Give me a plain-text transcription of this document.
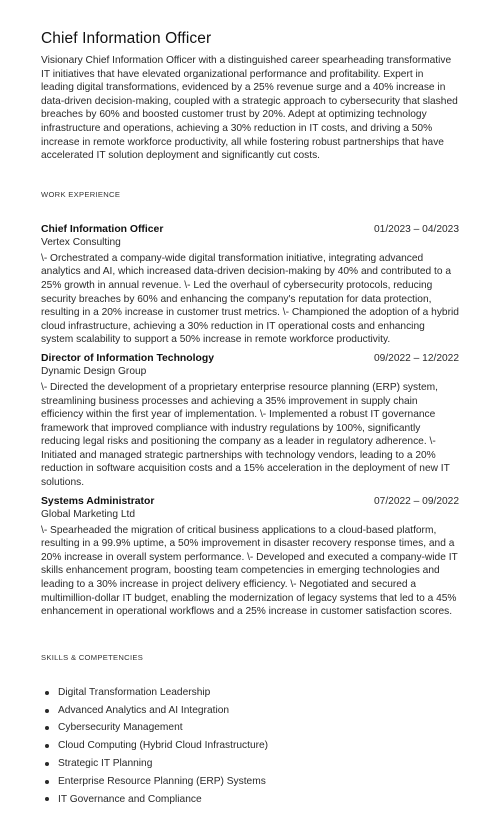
Chief Information Officer

Visionary Chief Information Officer with a distinguished career spearheading transformative IT initiatives that have elevated organizational performance and profitability. Expert in leading digital transformations, evidenced by a 25% revenue surge and a 40% increase in data-driven decision-making, coupled with a strategic approach to cybersecurity that slashed breaches by 60% and boosted customer trust by 20%. Adept at optimizing technology infrastructure and operations, achieving a 30% reduction in IT costs, and driving a 50% increase in remote workforce productivity, all while fostering robust partnerships that have accelerated IT solution deployment and significantly cut costs.

WORK EXPERIENCE
Chief Information Officer	01/2023 – 04/2023
Vertex Consulting

\- Orchestrated a company-wide digital transformation initiative, integrating advanced analytics and AI, which increased data-driven decision-making by 40% and contributed to a 25% growth in annual revenue. \- Led the overhaul of cybersecurity protocols, reducing security breaches by 60% and enhancing the company's reputation for data protection, resulting in a 20% increase in customer trust metrics. \- Championed the adoption of a hybrid cloud infrastructure, achieving a 30% reduction in IT operational costs and enhancing system scalability to support a 50% increase in remote workforce productivity.

Director of Information Technology	09/2022 – 12/2022
Dynamic Design Group

\- Directed the development of a proprietary enterprise resource planning (ERP) system, streamlining business processes and achieving a 35% improvement in supply chain efficiency within the first year of implementation. \- Implemented a robust IT governance framework that improved compliance with industry regulations by 100%, significantly reducing legal risks and positioning the company as a leader in regulatory adherence. \- Initiated and managed strategic partnerships with technology vendors, leading to a 20% reduction in software acquisition costs and a 15% acceleration in the deployment of new IT solutions.

Systems Administrator	07/2022 – 09/2022
Global Marketing Ltd

\- Spearheaded the migration of critical business applications to a cloud-based platform, resulting in a 99.9% uptime, a 50% improvement in disaster recovery response times, and a 20% increase in overall system performance. \- Developed and executed a company-wide IT skills enhancement program, boosting team competencies in emerging technologies and leading to a 30% increase in project delivery efficiency. \- Negotiated and secured a multimillion-dollar IT budget, enabling the modernization of legacy systems that led to a 45% enhancement in operational workflows and a 25% increase in customer satisfaction scores.

SKILLS & COMPETENCIES
Digital Transformation Leadership
Advanced Analytics and AI Integration
Cybersecurity Management
Cloud Computing (Hybrid Cloud Infrastructure)
Strategic IT Planning
Enterprise Resource Planning (ERP) Systems
IT Governance and Compliance
